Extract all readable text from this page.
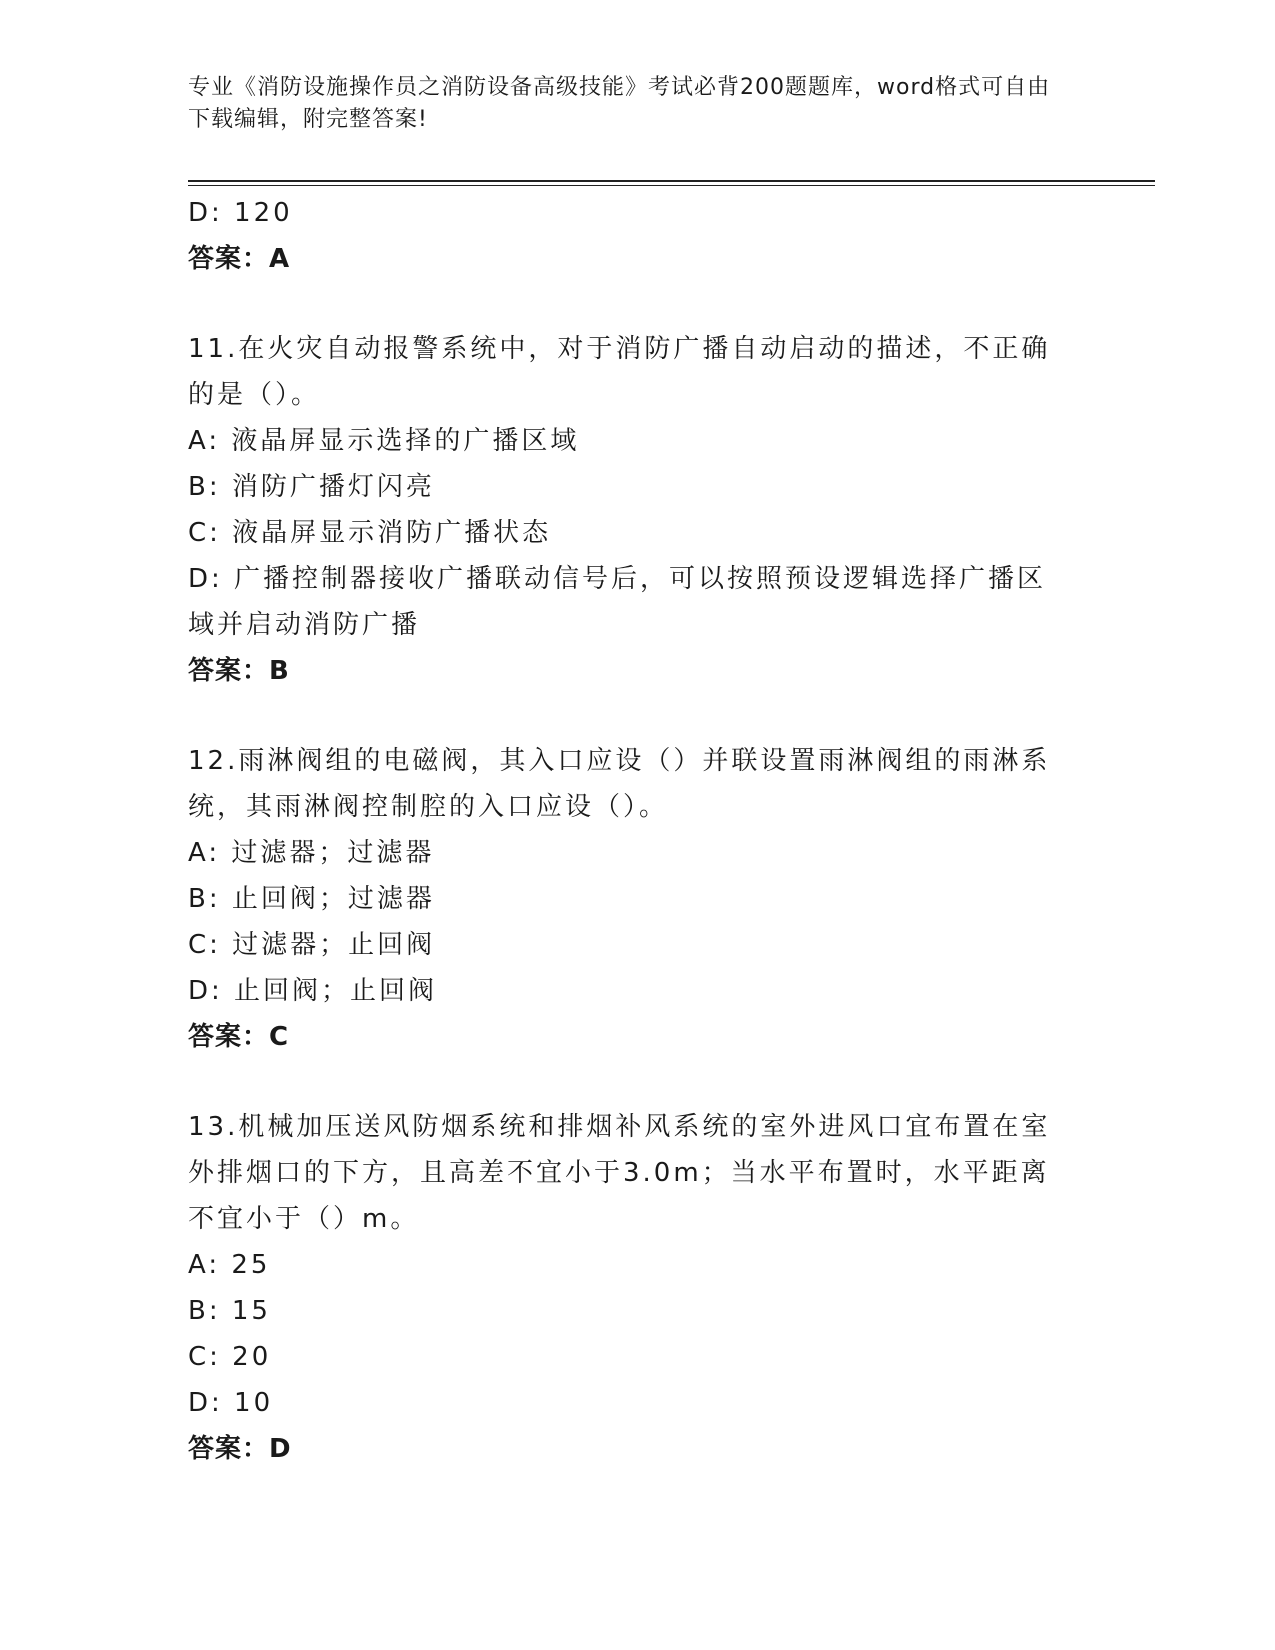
专业《消防设施操作员之消防设备高级技能》考试必背200题题库，word格式可自由下载编辑，附完整答案!
D: 120
答案：A
11.在火灾自动报警系统中，对于消防广播自动启动的描述，不正确的是（）。
A: 液晶屏显示选择的广播区域
B: 消防广播灯闪亮
C: 液晶屏显示消防广播状态
D: 广播控制器接收广播联动信号后，可以按照预设逻辑选择广播区域并启动消防广播
答案：B
12.雨淋阀组的电磁阀，其入口应设（）并联设置雨淋阀组的雨淋系统，其雨淋阀控制腔的入口应设（）。
A: 过滤器；过滤器
B: 止回阀；过滤器
C: 过滤器；止回阀
D: 止回阀；止回阀
答案：C
13.机械加压送风防烟系统和排烟补风系统的室外进风口宜布置在室外排烟口的下方，且高差不宜小于3.0m；当水平布置时，水平距离不宜小于（）m。
A: 25
B: 15
C: 20
D: 10
答案：D
